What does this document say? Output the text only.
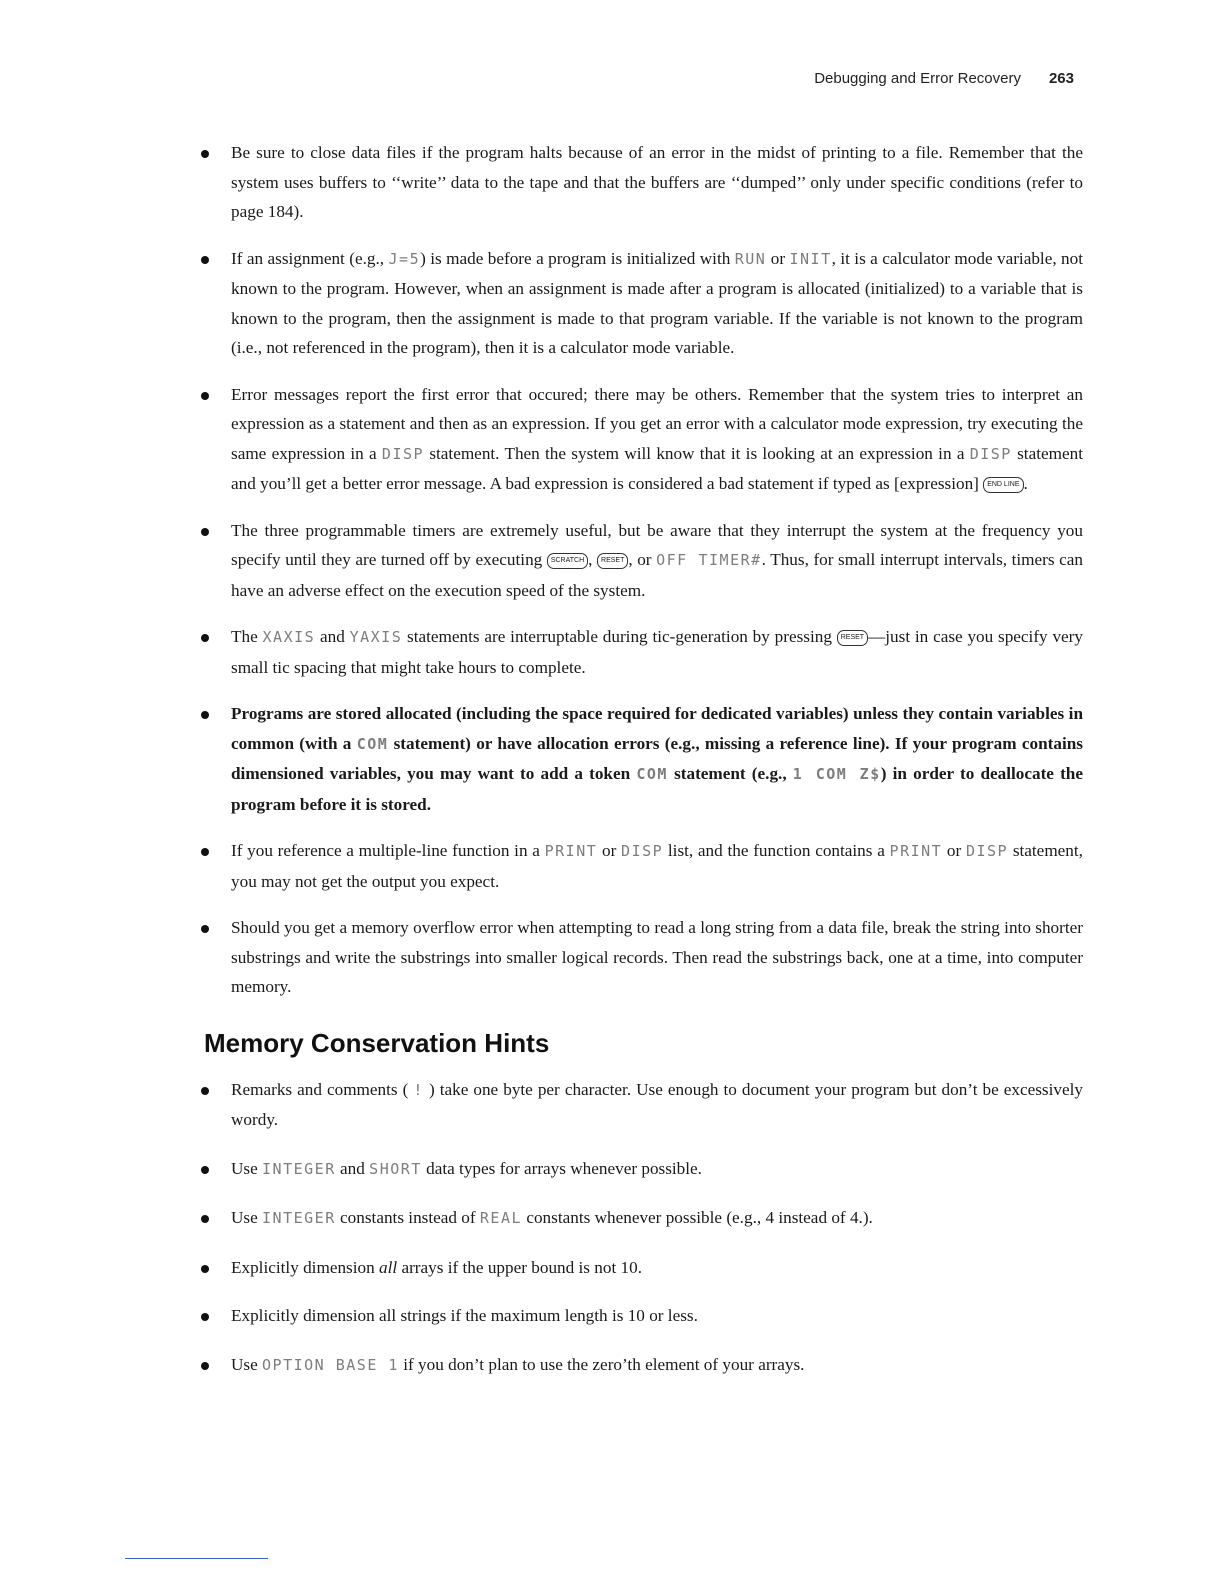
Debugging and Error Recovery 263
Be sure to close data files if the program halts because of an error in the midst of printing to a file. Remember that the system uses buffers to ‘‘write’’ data to the tape and that the buffers are ‘‘dumped’’ only under specific conditions (refer to page 184).
If an assignment (e.g., J=5) is made before a program is initialized with RUN or INIT, it is a calculator mode variable, not known to the program. However, when an assignment is made after a program is allocated (initialized) to a variable that is known to the program, then the assignment is made to that program variable. If the variable is not known to the program (i.e., not referenced in the program), then it is a calculator mode variable.
Error messages report the first error that occured; there may be others. Remember that the system tries to interpret an expression as a statement and then as an expression. If you get an error with a calculator mode expression, try executing the same expression in a DISP statement. Then the system will know that it is looking at an expression in a DISP statement and you’ll get a better error message. A bad expression is considered a bad statement if typed as [expression] END LINE .
The three programmable timers are extremely useful, but be aware that they interrupt the system at the frequency you specify until they are turned off by executing SCRATCH , RESET , or OFF TIMER#. Thus, for small interrupt intervals, timers can have an adverse effect on the execution speed of the system.
The XAXIS and YAXIS statements are interruptable during tic-generation by pressing RESET —just in case you specify very small tic spacing that might take hours to complete.
Programs are stored allocated (including the space required for dedicated variables) unless they contain variables in common (with a COM statement) or have allocation errors (e.g., missing a reference line). If your program contains dimensioned variables, you may want to add a token COM statement (e.g., 1 COM Z$) in order to deallocate the program before it is stored.
If you reference a multiple-line function in a PRINT or DISP list, and the function contains a PRINT or DISP statement, you may not get the output you expect.
Should you get a memory overflow error when attempting to read a long string from a data file, break the string into shorter substrings and write the substrings into smaller logical records. Then read the substrings back, one at a time, into computer memory.
Memory Conservation Hints
Remarks and comments ( ! ) take one byte per character. Use enough to document your program but don’t be excessively wordy.
Use INTEGER and SHORT data types for arrays whenever possible.
Use INTEGER constants instead of REAL constants whenever possible (e.g., 4 instead of 4.).
Explicitly dimension all arrays if the upper bound is not 10.
Explicitly dimension all strings if the maximum length is 10 or less.
Use OPTION BASE 1 if you don’t plan to use the zero’th element of your arrays.
